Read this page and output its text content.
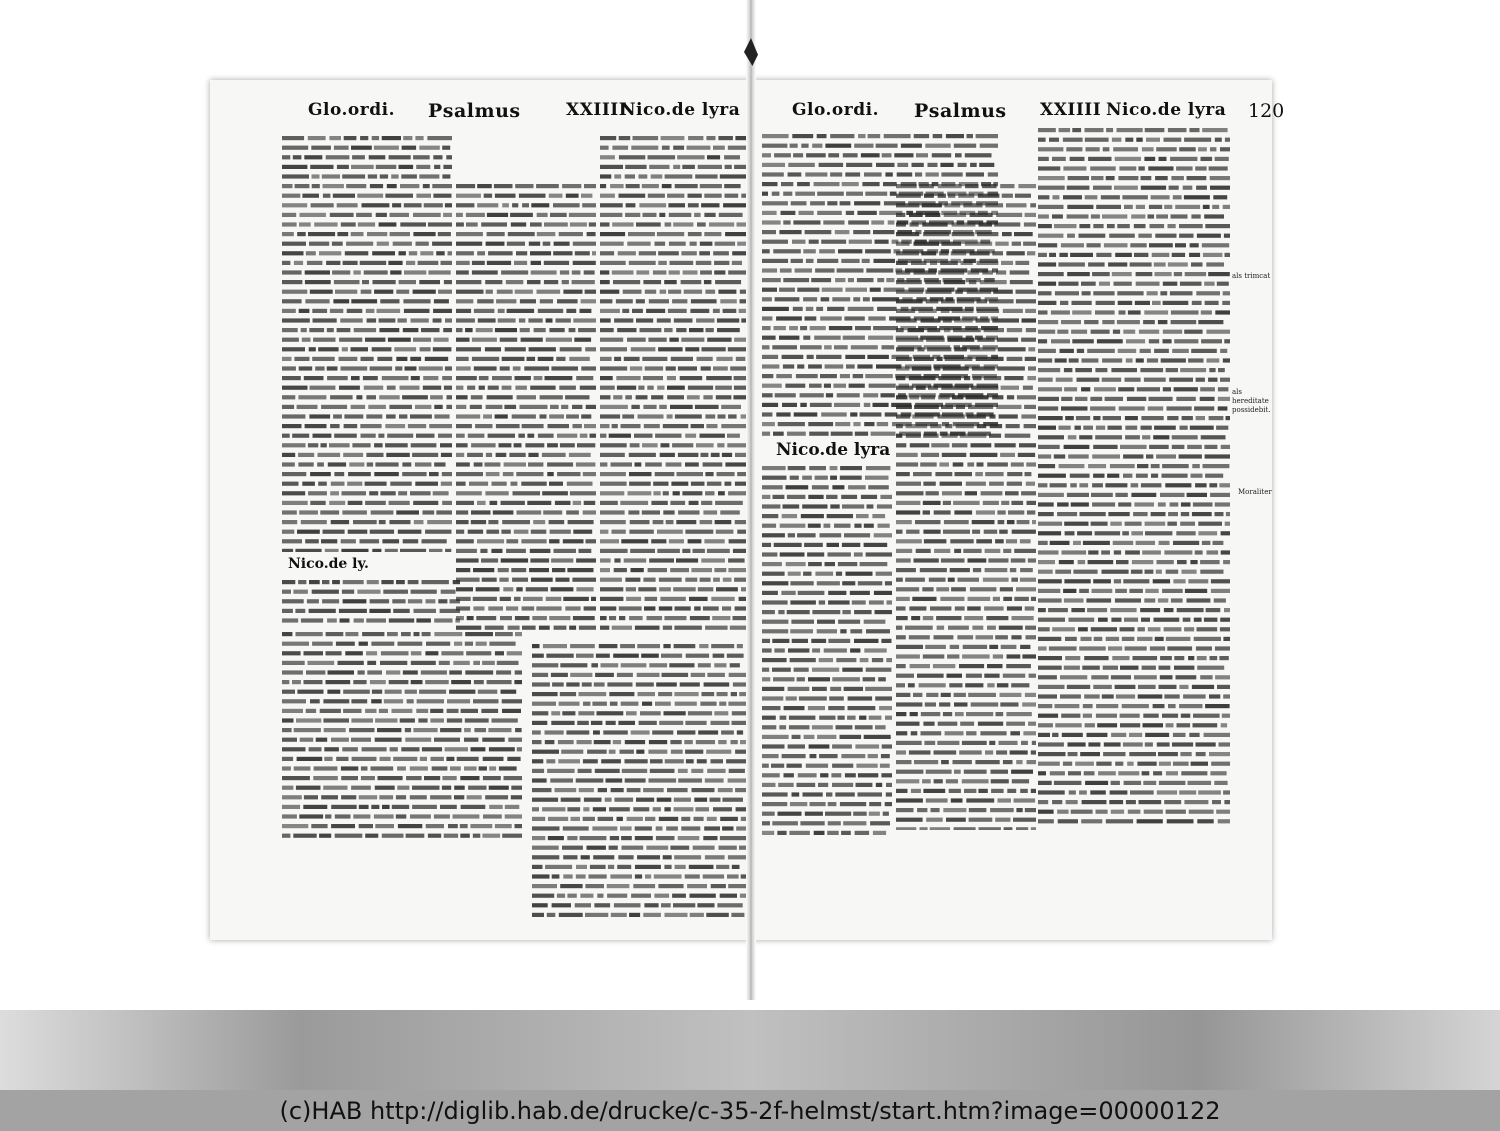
Glo.ordi. Psalmus	XXIIII
Nico.de lyra	Glo.ordi. Psalmus XXIIII Nico.de lyra 120
Nico.de ly.
Nico.de lyra
als trimcat
als hereditate possidebit.
Moraliter
(c)HAB http://diglib.hab.de/drucke/c-35-2f-helmst/start.htm?image=00000122
